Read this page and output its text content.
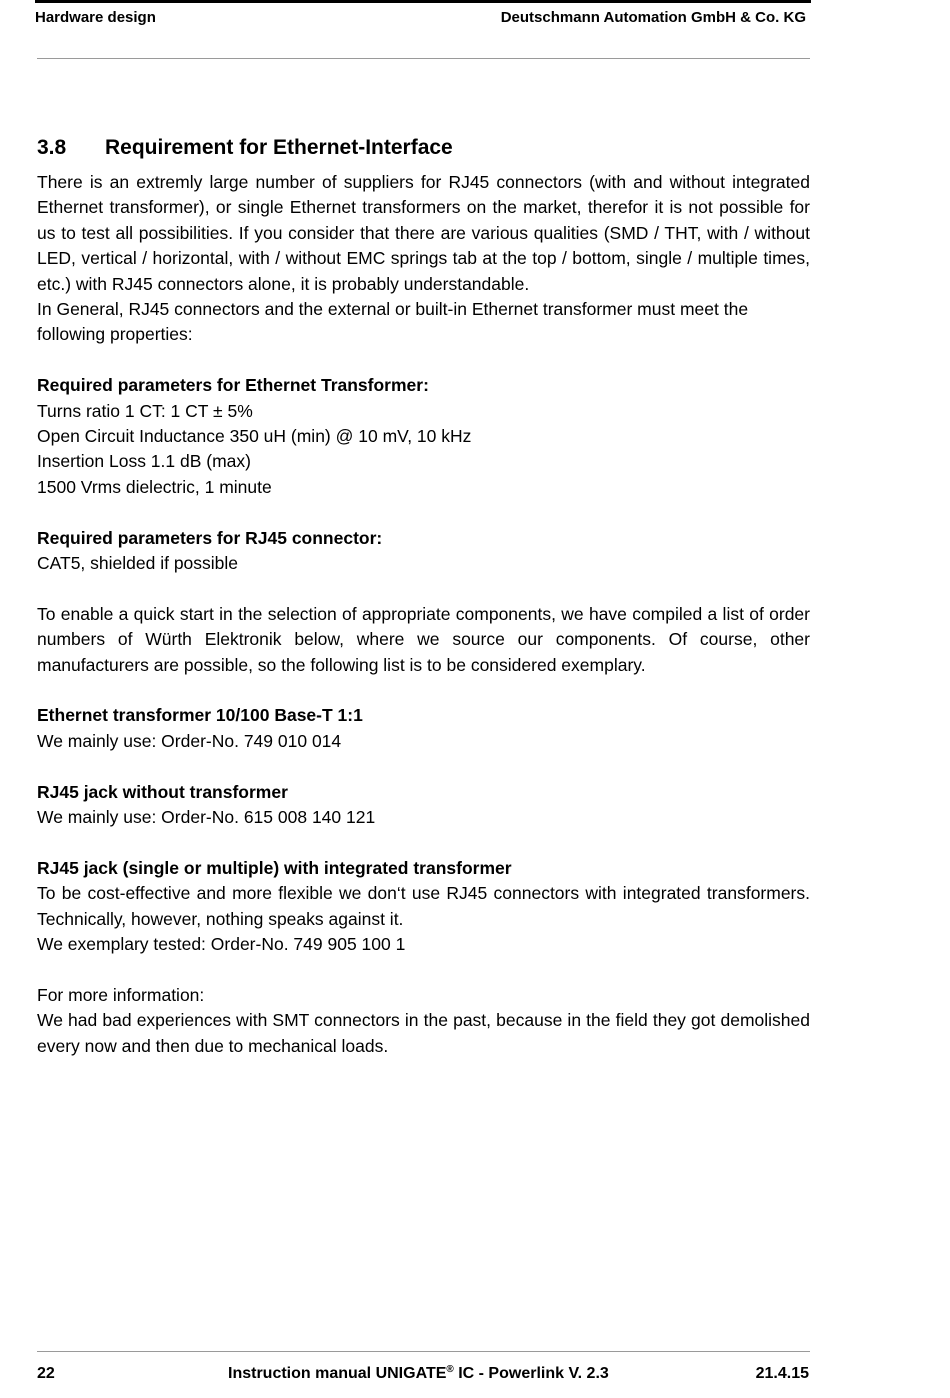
Hardware design	Deutschmann Automation GmbH & Co. KG
3.8 Requirement for Ethernet-Interface
There is an extremly large number of suppliers for RJ45 connectors (with and without integrated Ethernet transformer), or single Ethernet transformers on the market, therefor it is not possible for us to test all possibilities. If you consider that there are various qualities (SMD / THT, with / without LED, vertical / horizontal, with / without EMC springs tab at the top / bottom, single / multiple times, etc.) with RJ45 connectors alone, it is probably understandable.
In General, RJ45 connectors and the external or built-in Ethernet transformer must meet the following properties:
Required parameters for Ethernet Transformer:
Turns ratio 1 CT: 1 CT ± 5%
Open Circuit Inductance 350 uH (min) @ 10 mV, 10 kHz
Insertion Loss 1.1 dB (max)
1500 Vrms dielectric, 1 minute
Required parameters for RJ45 connector:
CAT5, shielded if possible
To enable a quick start in the selection of appropriate components, we have compiled a list of order numbers of Würth Elektronik below, where we source our components. Of course, other manufacturers are possible, so the following list is to be considered exemplary.
Ethernet transformer 10/100 Base-T 1:1
We mainly use: Order-No. 749 010 014
RJ45 jack without transformer
We mainly use: Order-No. 615 008 140 121
RJ45 jack (single or multiple) with integrated transformer
To be cost-effective and more flexible we don‘t use RJ45 connectors with integrated transformers. Technically, however, nothing speaks against it.
We exemplary tested: Order-No. 749 905 100 1
For more information:
We had bad experiences with SMT connectors in the past, because in the field they got demolished every now and then due to mechanical loads.
22	Instruction manual UNIGATE® IC - Powerlink V. 2.3	21.4.15
